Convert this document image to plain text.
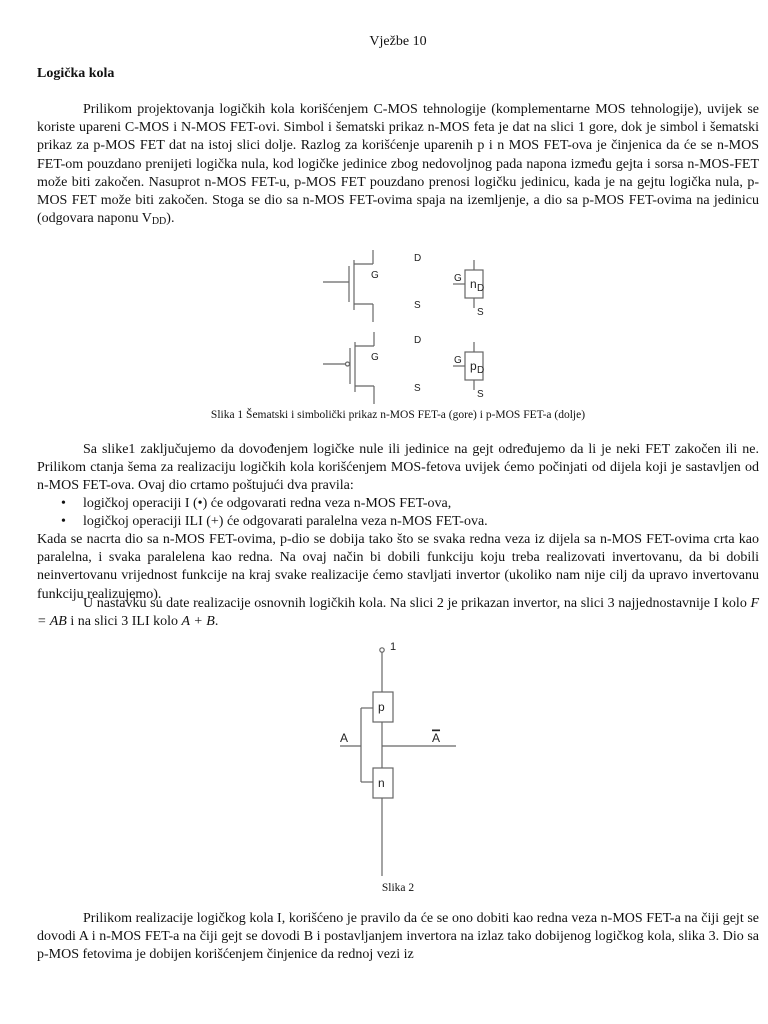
Vježbe 10
Logička kola

Prilikom projektovanja logičkih kola korišćenjem C-MOS tehnologije (komplementarne MOS tehnologije), uvijek se koriste upareni C-MOS i N-MOS FET-ovi. Simbol i šematski prikaz n-MOS feta je dat na slici 1 gore, dok je simbol i šematski prikaz za p-MOS FET dat na istoj slici dolje. Razlog za korišćenje uparenih p i n MOS FET-ova je činjenica da će se n-MOS FET-om pouzdano prenijeti logička nula, kod logičke jedinice zbog nedovoljnog pada napona između gejta i sorsa n-MOS-FET može biti zakočen. Nasuprot n-MOS FET-u, p-MOS FET pouzdano prenosi logičku jedinicu, kada je na gejtu logička nula, p-MOS FET može biti zakočen. Stoga se dio sa n-MOS FET-ovima spaja na izemljenje, a dio sa p-MOS FET-ovima na jedinicu (odgovara naponu $V_{DD}$).

G
D
S
G
D
S
n
G
D
S
G
D
S
p
Slika 1 Šematski i simbolički prikaz n-MOS FET-a (gore) i p-MOS FET-a (dolje)

Sa slike1 zaključujemo da dovođenjem logičke nule ili jedinice na gejt određujemo da li je neki FET zakočen ili ne. Prilikom ctanja šema za realizaciju logičkih kola korišćenjem MOS-fetova uvijek ćemo počinjati od dijela koji je sastavljen od n-MOS FET-ova. Ovaj dio crtamo poštujući dva pravila:

• logičkoj operaciji I (•) će odgovarati redna veza n-MOS FET-ova,
• logičkoj operaciji ILI (+) će odgovarati paralelna veza n-MOS FET-ova.

Kada se nacrta dio sa n-MOS FET-ovima, p-dio se dobija tako što se svaka redna veza iz dijela sa n-MOS FET-ovima crta kao paralelna, i svaka paralelena kao redna. Na ovaj način bi dobili funkciju koju treba realizovati invertovanu, da bi dobili neinvertovanu vrijednost funkcije na kraj svake realizacije ćemo stavljati invertor (ukoliko nam nije cilj da upravo invertovanu funkciju realizujemo).

U nastavku su date realizacije osnovnih logičkih kola. Na slici 2 je prikazan invertor, na slici 3 najjednostavnije I kolo F = AB i na slici 3 ILI kolo A + B.

1
p
n
A	A
Slika 2

Prilikom realizacije logičkog kola I, korišćeno je pravilo da će se ono dobiti kao redna veza n-MOS FET-a na čiji gejt se dovodi A i n-MOS FET-a na čiji gejt se dovodi B i postavljanjem invertora na izlaz tako dobijenog logičkog kola, slika 3. Dio sa p-MOS fetovima je dobijen korišćenjem činjenice da rednoj vezi iz
